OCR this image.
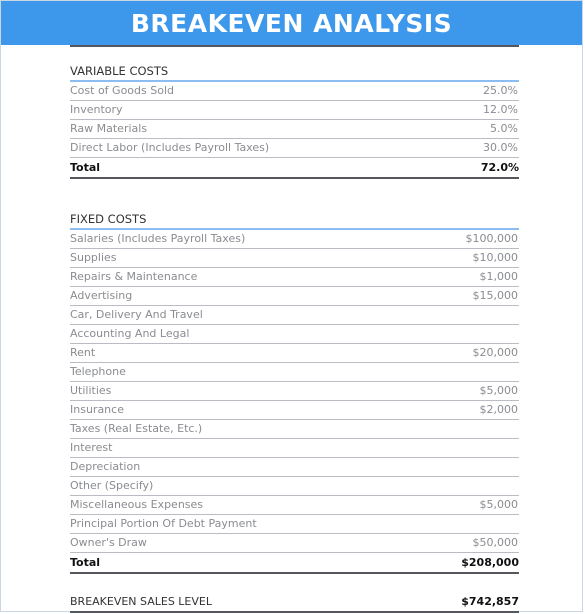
BREAKEVEN ANALYSIS
VARIABLE COSTS
Cost of Goods Sold	25.0%
Inventory	12.0%
Raw Materials	5.0%
Direct Labor (Includes Payroll Taxes)	30.0%
Total	72.0%
FIXED COSTS
Salaries (Includes Payroll Taxes)	$100,000
Supplies	$10,000
Repairs & Maintenance	$1,000
Advertising	$15,000
Car, Delivery And Travel
Accounting And Legal
Rent	$20,000
Telephone
Utilities	$5,000
Insurance	$2,000
Taxes (Real Estate, Etc.)
Interest
Depreciation
Other (Specify)
Miscellaneous Expenses	$5,000
Principal Portion Of Debt Payment
Owner's Draw	$50,000
Total	$208,000
BREAKEVEN SALES LEVEL	$742,857
